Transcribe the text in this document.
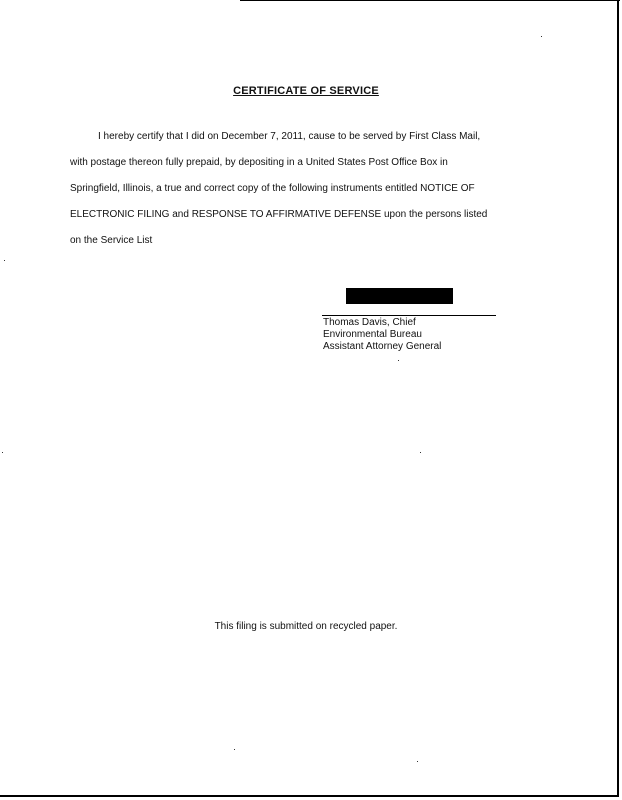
CERTIFICATE OF SERVICE
I hereby certify that I did on December 7, 2011, cause to be served by First Class Mail,
with postage thereon fully prepaid, by depositing in a United States Post Office Box in
Springfield, Illinois, a true and correct copy of the following instruments entitled NOTICE OF
ELECTRONIC FILING and RESPONSE TO AFFIRMATIVE DEFENSE upon the persons listed
on the Service List
Thomas Davis, Chief
Environmental Bureau
Assistant Attorney General
This filing is submitted on recycled paper.
